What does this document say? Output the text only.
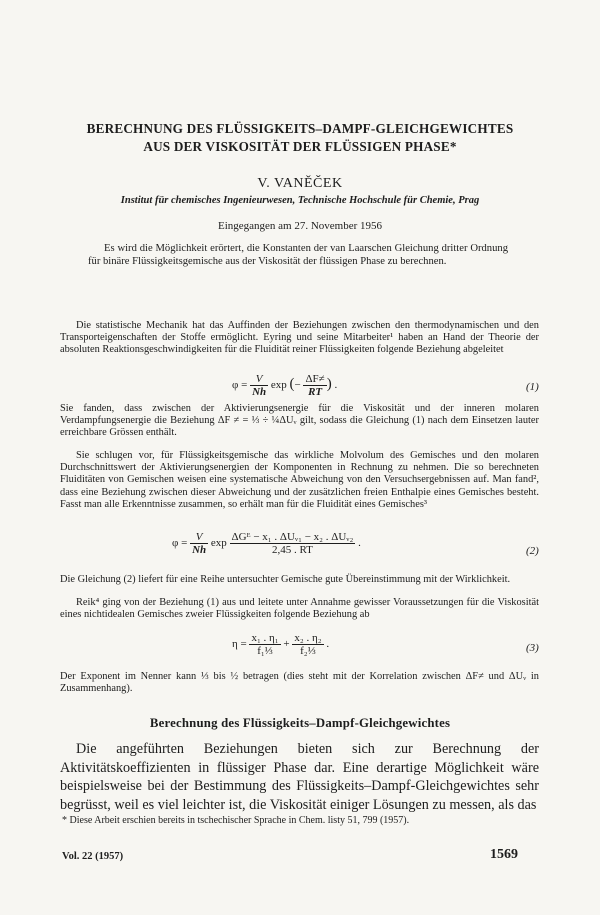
BERECHNUNG DES FLÜSSIGKEITS–DAMPF-GLEICHGEWICHTES
AUS DER VISKOSITÄT DER FLÜSSIGEN PHASE*
V. VANĚČEK
Institut für chemisches Ingenieurwesen, Technische Hochschule für Chemie, Prag
Eingegangen am 27. November 1956

Es wird die Möglichkeit erörtert, die Konstanten der van Laarschen Gleichung dritter Ordnung für binäre Flüssigkeitsgemische aus der Viskosität der flüssigen Phase zu berechnen.

Die statistische Mechanik hat das Auffinden der Beziehungen zwischen den thermodynamischen und den Transporteigenschaften der Stoffe ermöglicht. Eyring und seine Mitarbeiter¹ haben an Hand der Theorie der absoluten Reaktionsgeschwindigkeiten für die Fluidität reiner Flüssigkeiten folgende Beziehung abgeleitet

$\varphi = \frac{V}{Nh}$ exp (− $\frac{\Delta F\ne}{RT}$ ) .	(1)

Sie fanden, dass zwischen der Aktivierungsenergie für die Viskosität und der inneren molaren Verdampfungsenergie die Beziehung ΔF ≠ = ⅓ ÷ ¼ΔUᵥ gilt, sodass die Gleichung (1) nach dem Einsetzen lauter erreichbare Grössen enthält.

Sie schlugen vor, für Flüssigkeitsgemische das wirkliche Molvolum des Gemisches und den molaren Durchschnittswert der Aktivierungsenergien der Komponenten in Rechnung zu nehmen. Die so berechneten Fluiditäten von Gemischen weisen eine systematische Abweichung von den Versuchsergebnissen auf. Man fand², dass eine Beziehung zwischen dieser Abweichung und der zusätzlichen freien Enthalpie eines Gemisches besteht. Fasst man alle Erkenntnisse zusammen, so erhält man für die Fluidität eines Gemisches³

$\varphi = \frac{V}{Nh}$ $\exp \frac{\text{ΔGᴱ − x₁ . ΔUᵥ₁ − x₂ . ΔUᵥ₂}}{2,45 . RT}$ .
(2)

Die Gleichung (2) liefert für eine Reihe untersuchter Gemische gute Übereinstimmung mit der Wirklichkeit.

Reik⁴ ging von der Beziehung (1) aus und leitete unter Annahme gewisser Voraussetzungen für die Viskosität eines nichtidealen Gemisches zweier Flüssigkeiten folgende Beziehung ab

$\eta = \frac{\text{x₁ . η₁}}{\text{f₁⅓}} + \frac{\text{x₂ . η₂}}{\text{f₂⅓}}$ .	(3)

Der Exponent im Nenner kann ⅓ bis ½ betragen (dies steht mit der Korrelation zwischen ΔF≠ und ΔUᵥ in Zusammenhang).

Berechnung des Flüssigkeits–Dampf-Gleichgewichtes

Die angeführten Beziehungen bieten sich zur Berechnung der Aktivitätskoeffizienten in flüssiger Phase dar. Eine derartige Möglichkeit wäre beispielsweise bei der Bestimmung des Flüssigkeits–Dampf-Gleichgewichtes sehr begrüsst, weil es viel leichter ist, die Viskosität einiger Lösungen zu messen, als das

* Diese Arbeit erschien bereits in tschechischer Sprache in Chem. listy 51, 799 (1957).
Vol. 22 (1957)	1569
